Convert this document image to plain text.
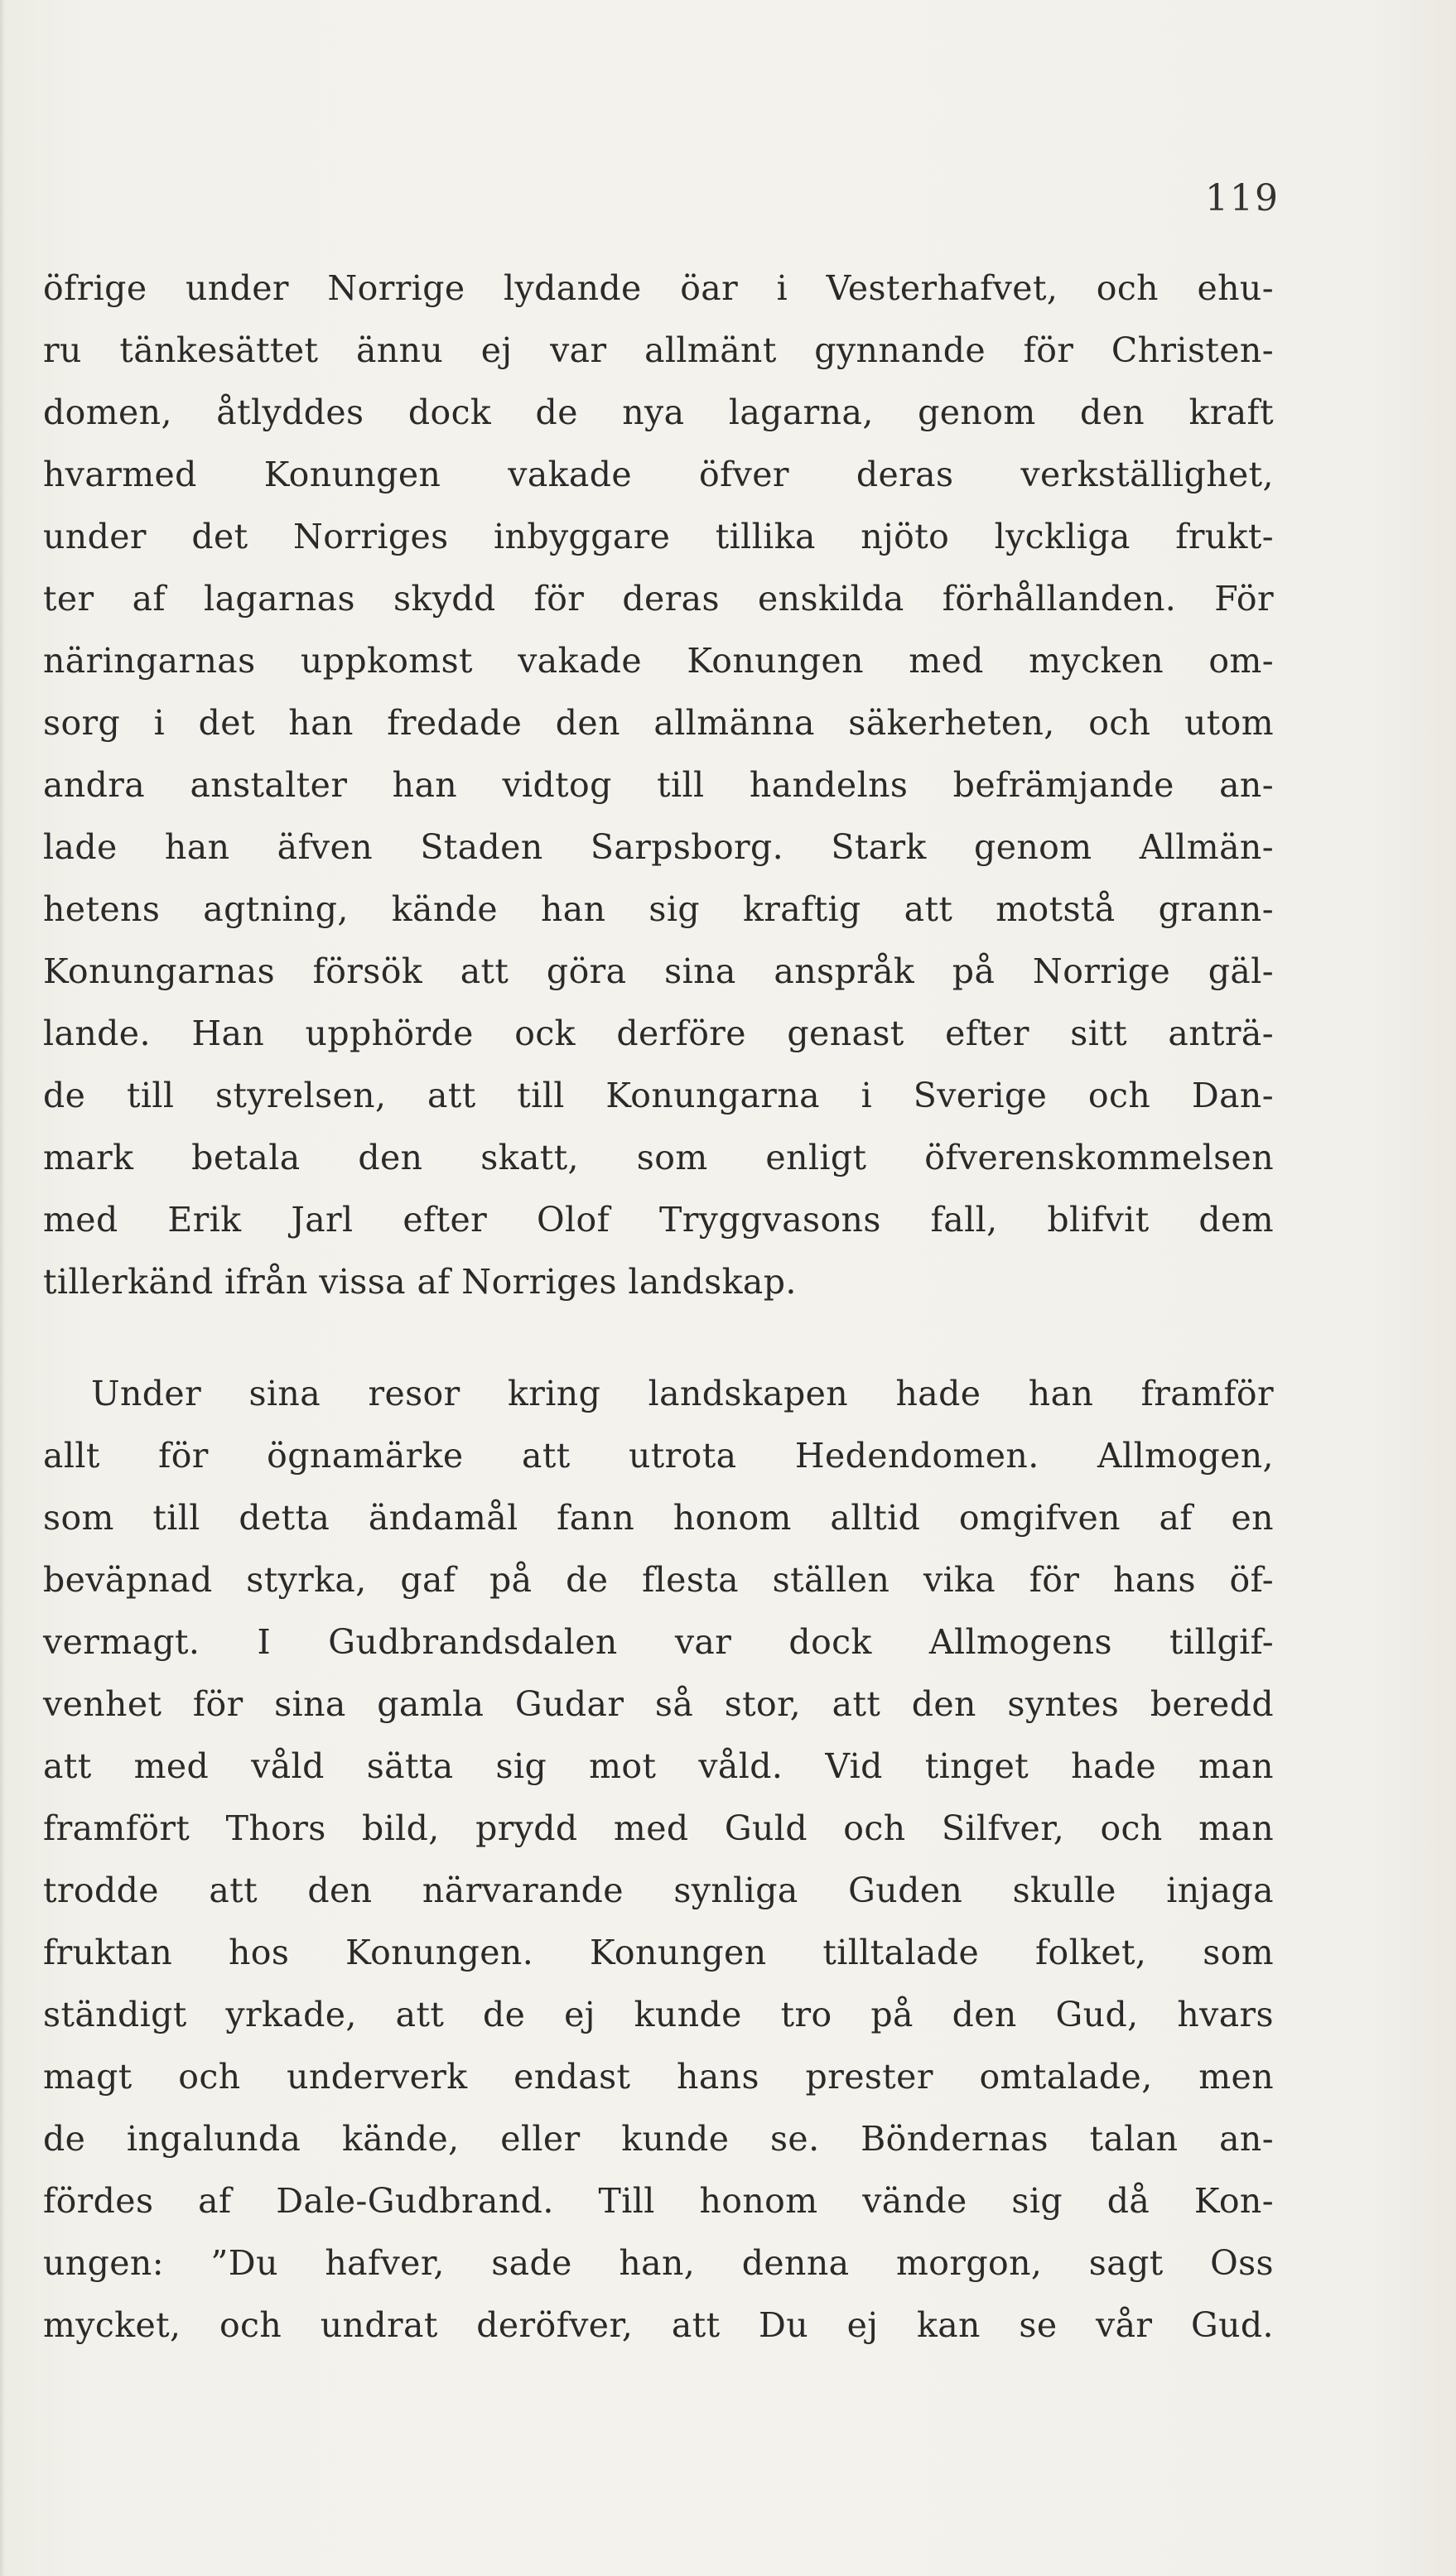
119
öfrige under Norrige lydande öar i Vesterhafvet, och ehu-
ru tänkesättet ännu ej var allmänt gynnande för Christen-
domen, åtlyddes dock de nya lagarna, genom den kraft
hvarmed Konungen vakade öfver deras verkställighet,
under det Norriges inbyggare tillika njöto lyckliga frukt-
ter af lagarnas skydd för deras enskilda förhållanden. För
näringarnas uppkomst vakade Konungen med mycken om-
sorg i det han fredade den allmänna säkerheten, och utom
andra anstalter han vidtog till handelns befrämjande an-
lade han äfven Staden Sarpsborg. Stark genom Allmän-
hetens agtning, kände han sig kraftig att motstå grann-
Konungarnas försök att göra sina anspråk på Norrige gäl-
lande. Han upphörde ock derföre genast efter sitt anträ-
de till styrelsen, att till Konungarna i Sverige och Dan-
mark betala den skatt, som enligt öfverenskommelsen
med Erik Jarl efter Olof Tryggvasons fall, blifvit dem
tillerkänd ifrån vissa af Norriges landskap.
Under sina resor kring landskapen hade han framför
allt för ögnamärke att utrota Hedendomen. Allmogen,
som till detta ändamål fann honom alltid omgifven af en
beväpnad styrka, gaf på de flesta ställen vika för hans öf-
vermagt. I Gudbrandsdalen var dock Allmogens tillgif-
venhet för sina gamla Gudar så stor, att den syntes beredd
att med våld sätta sig mot våld. Vid tinget hade man
framfört Thors bild, prydd med Guld och Silfver, och man
trodde att den närvarande synliga Guden skulle injaga
fruktan hos Konungen. Konungen tilltalade folket, som
ständigt yrkade, att de ej kunde tro på den Gud, hvars
magt och underverk endast hans prester omtalade, men
de ingalunda kände, eller kunde se. Böndernas talan an-
fördes af Dale-Gudbrand. Till honom vände sig då Kon-
ungen: ”Du hafver, sade han, denna morgon, sagt Oss
mycket, och undrat deröfver, att Du ej kan se vår Gud.
